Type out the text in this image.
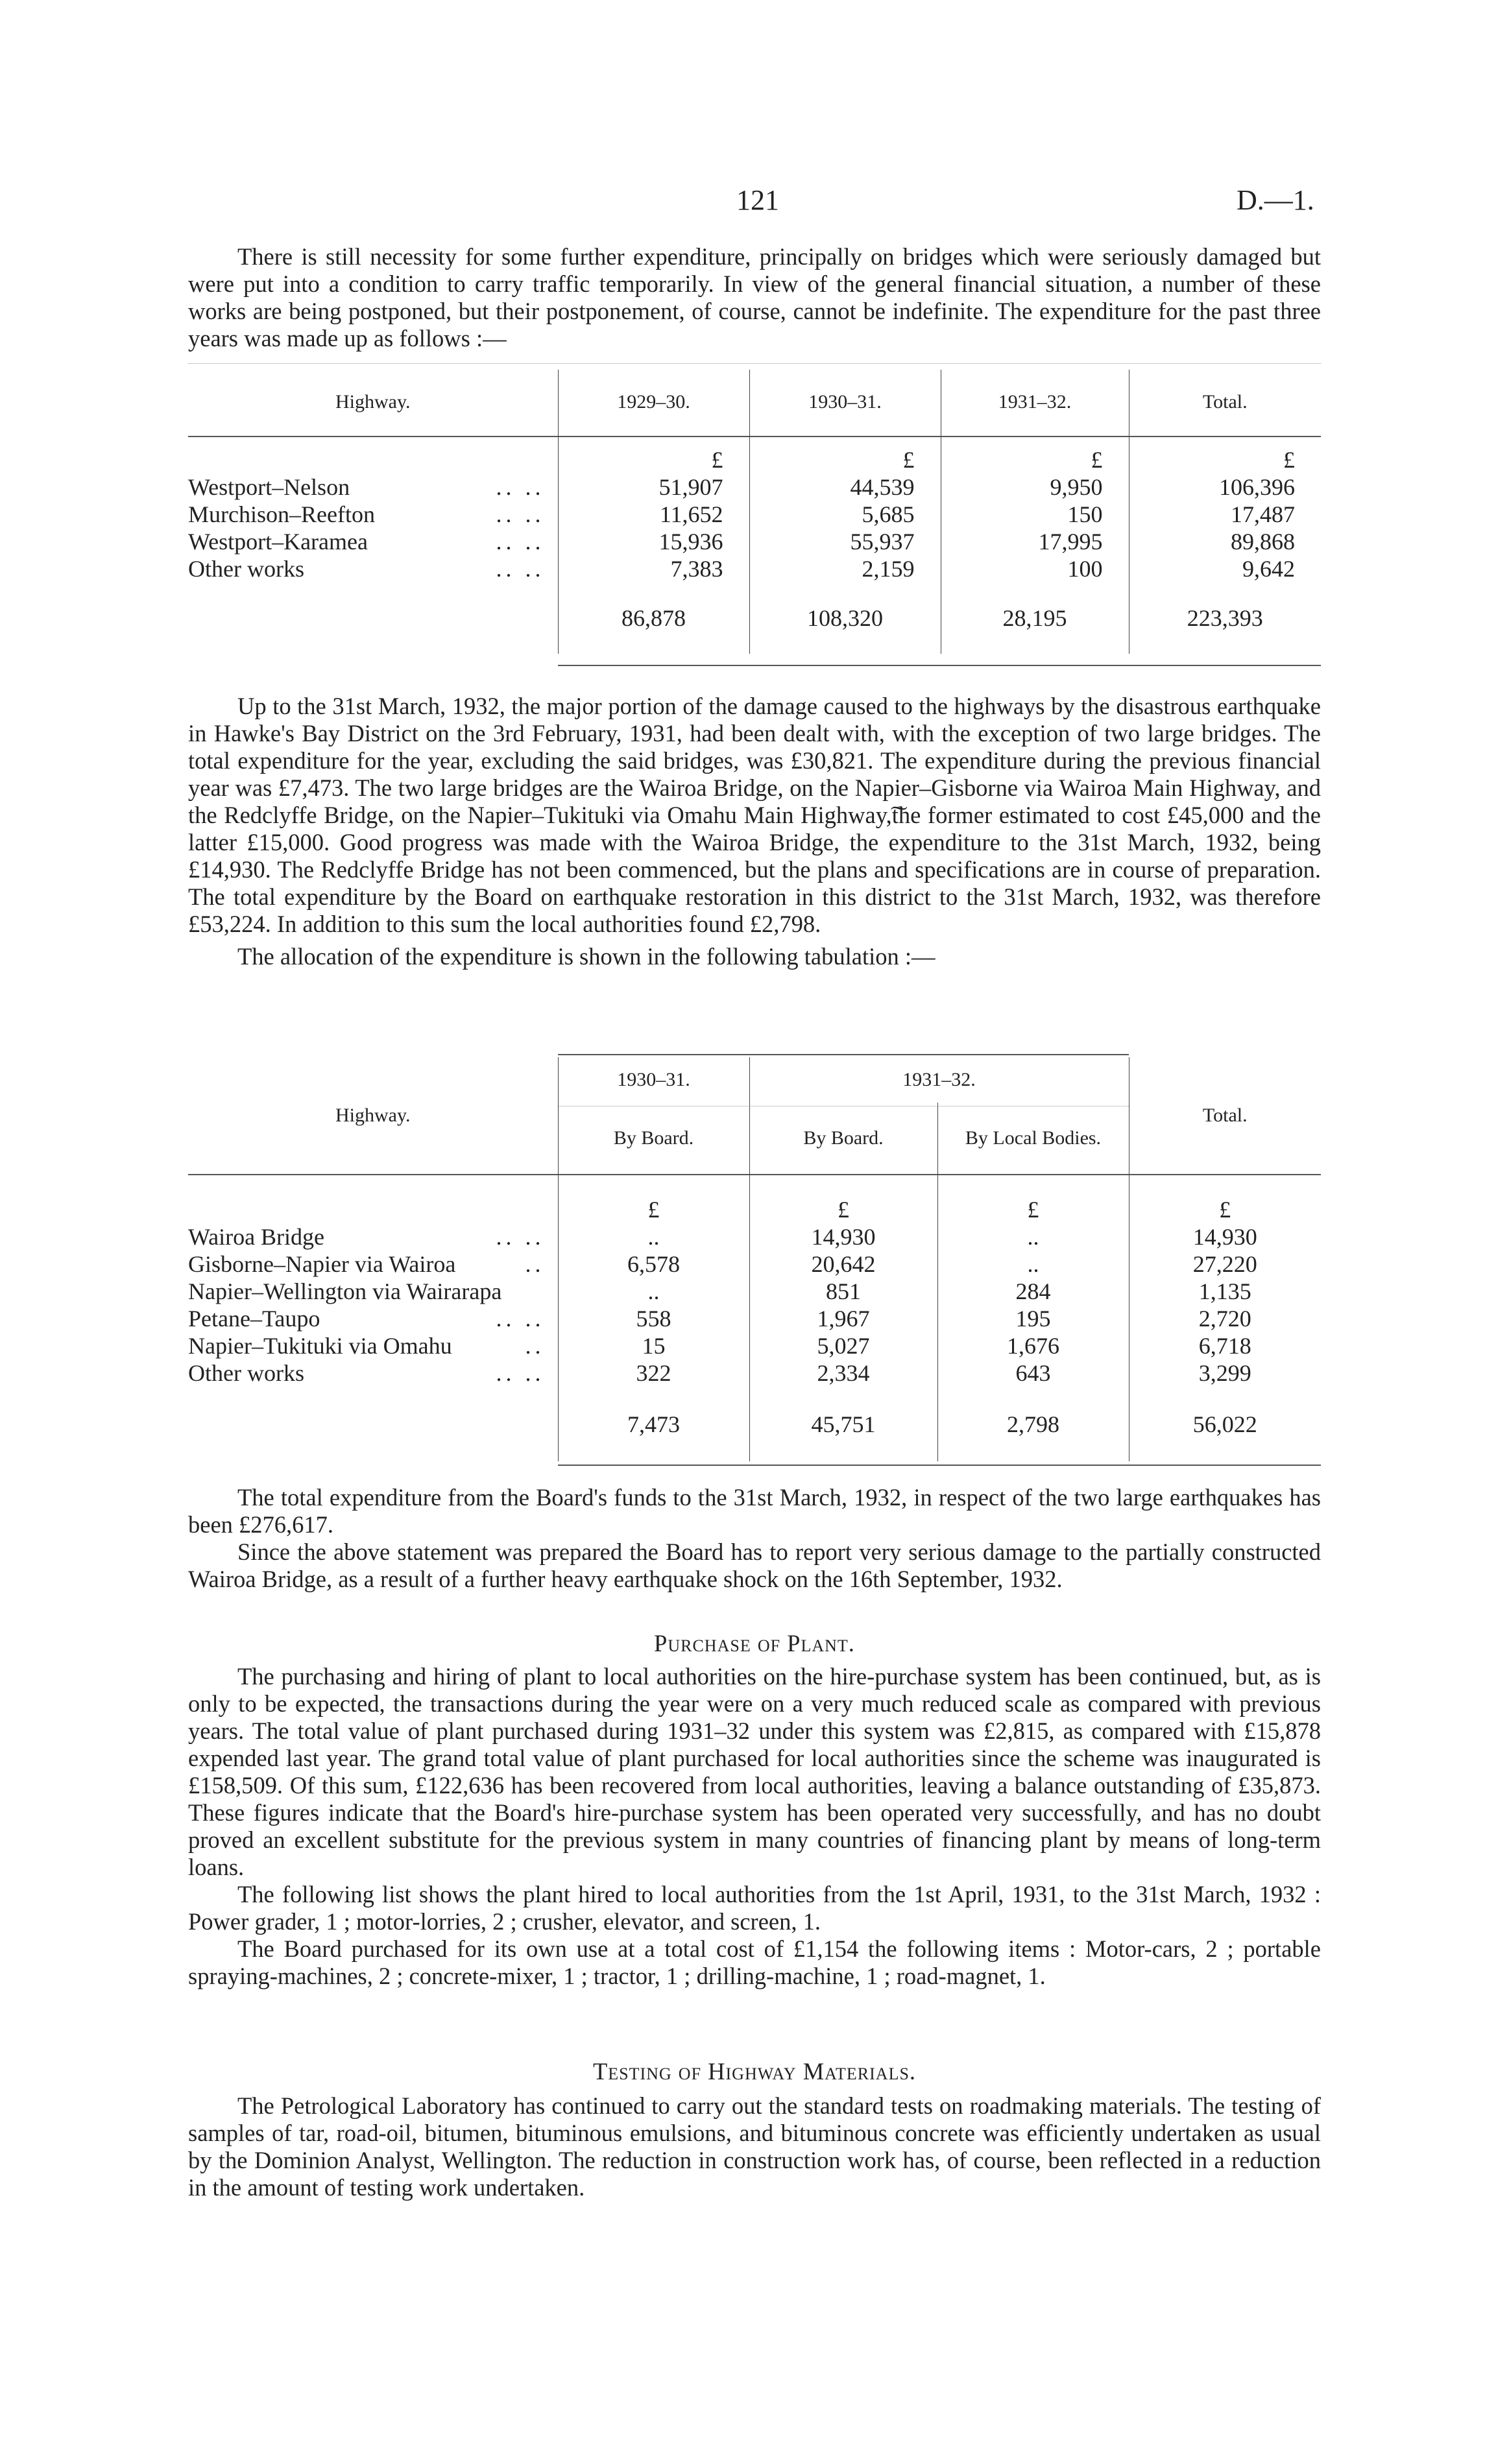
121	D.—1.

There is still necessity for some further expenditure, principally on bridges which were seriously damaged but were put into a condition to carry traffic temporarily. In view of the general financial situation, a number of these works are being postponed, but their postponement, of course, cannot be indefinite. The expenditure for the past three years was made up as follows :—

Highway.	1929–30.	1930–31.	1931–32.	Total.
	£	£	£	£
Westport–Nelson .. ..	51,907	44,539	9,950	106,396
Murchison–Reefton .. ..	11,652	5,685	150	17,487
Westport–Karamea .. ..	15,936	55,937	17,995	89,868
Other works .. ..	7,383	2,159	100	9,642
	86,878	108,320	28,195	223,393

Up to the 31st March, 1932, the major portion of the damage caused to the highways by the disastrous earthquake in Hawke's Bay District on the 3rd February, 1931, had been dealt with, with the exception of two large bridges. The total expenditure for the year, excluding the said bridges, was £30,821. The expenditure during the previous financial year was £7,473. The two large bridges are the Wairoa Bridge, on the Napier–Gisborne via Wairoa Main Highway, and the Redclyffe Bridge, on the Napier–Tukituki via Omahu Main Highway,͠the former estimated to cost £45,000 and the latter £15,000. Good progress was made with the Wairoa Bridge, the expenditure to the 31st March, 1932, being £14,930. The Redclyffe Bridge has not been commenced, but the plans and specifications are in course of preparation. The total expenditure by the Board on earthquake restoration in this district to the 31st March, 1932, was therefore £53,224. In addition to this sum the local authorities found £2,798.

The allocation of the expenditure is shown in the following tabulation :—

Highway.	1930–31.	1931–32.		Total.
	By Board.	By Board.	By Local Bodies.	
	£	£	£	£
Wairoa Bridge .. ..	..	14,930	..	14,930
Gisborne–Napier via Wairoa ..	6,578	20,642	..	27,220
Napier–Wellington via Wairarapa	..	851	284	1,135
Petane–Taupo .. ..	558	1,967	195	2,720
Napier–Tukituki via Omahu ..	15	5,027	1,676	6,718
Other works .. ..	322	2,334	643	3,299
	7,473	45,751	2,798	56,022

The total expenditure from the Board's funds to the 31st March, 1932, in respect of the two large earthquakes has been £276,617.

Since the above statement was prepared the Board has to report very serious damage to the partially constructed Wairoa Bridge, as a result of a further heavy earthquake shock on the 16th September, 1932.

Purchase of Plant.

The purchasing and hiring of plant to local authorities on the hire-purchase system has been continued, but, as is only to be expected, the transactions during the year were on a very much reduced scale as compared with previous years. The total value of plant purchased during 1931–32 under this system was £2,815, as compared with £15,878 expended last year. The grand total value of plant purchased for local authorities since the scheme was inaugurated is £158,509. Of this sum, £122,636 has been recovered from local authorities, leaving a balance outstanding of £35,873. These figures indicate that the Board's hire-purchase system has been operated very successfully, and has no doubt proved an excellent substitute for the previous system in many countries of financing plant by means of long-term loans.

The following list shows the plant hired to local authorities from the 1st April, 1931, to the 31st March, 1932 : Power grader, 1 ; motor-lorries, 2 ; crusher, elevator, and screen, 1.

The Board purchased for its own use at a total cost of £1,154 the following items : Motor-cars, 2 ; portable spraying-machines, 2 ; concrete-mixer, 1 ; tractor, 1 ; drilling-machine, 1 ; road-magnet, 1.

Testing of Highway Materials.

The Petrological Laboratory has continued to carry out the standard tests on roadmaking materials. The testing of samples of tar, road-oil, bitumen, bituminous emulsions, and bituminous concrete was efficiently undertaken as usual by the Dominion Analyst, Wellington. The reduction in construction work has, of course, been reflected in a reduction in the amount of testing work undertaken.
